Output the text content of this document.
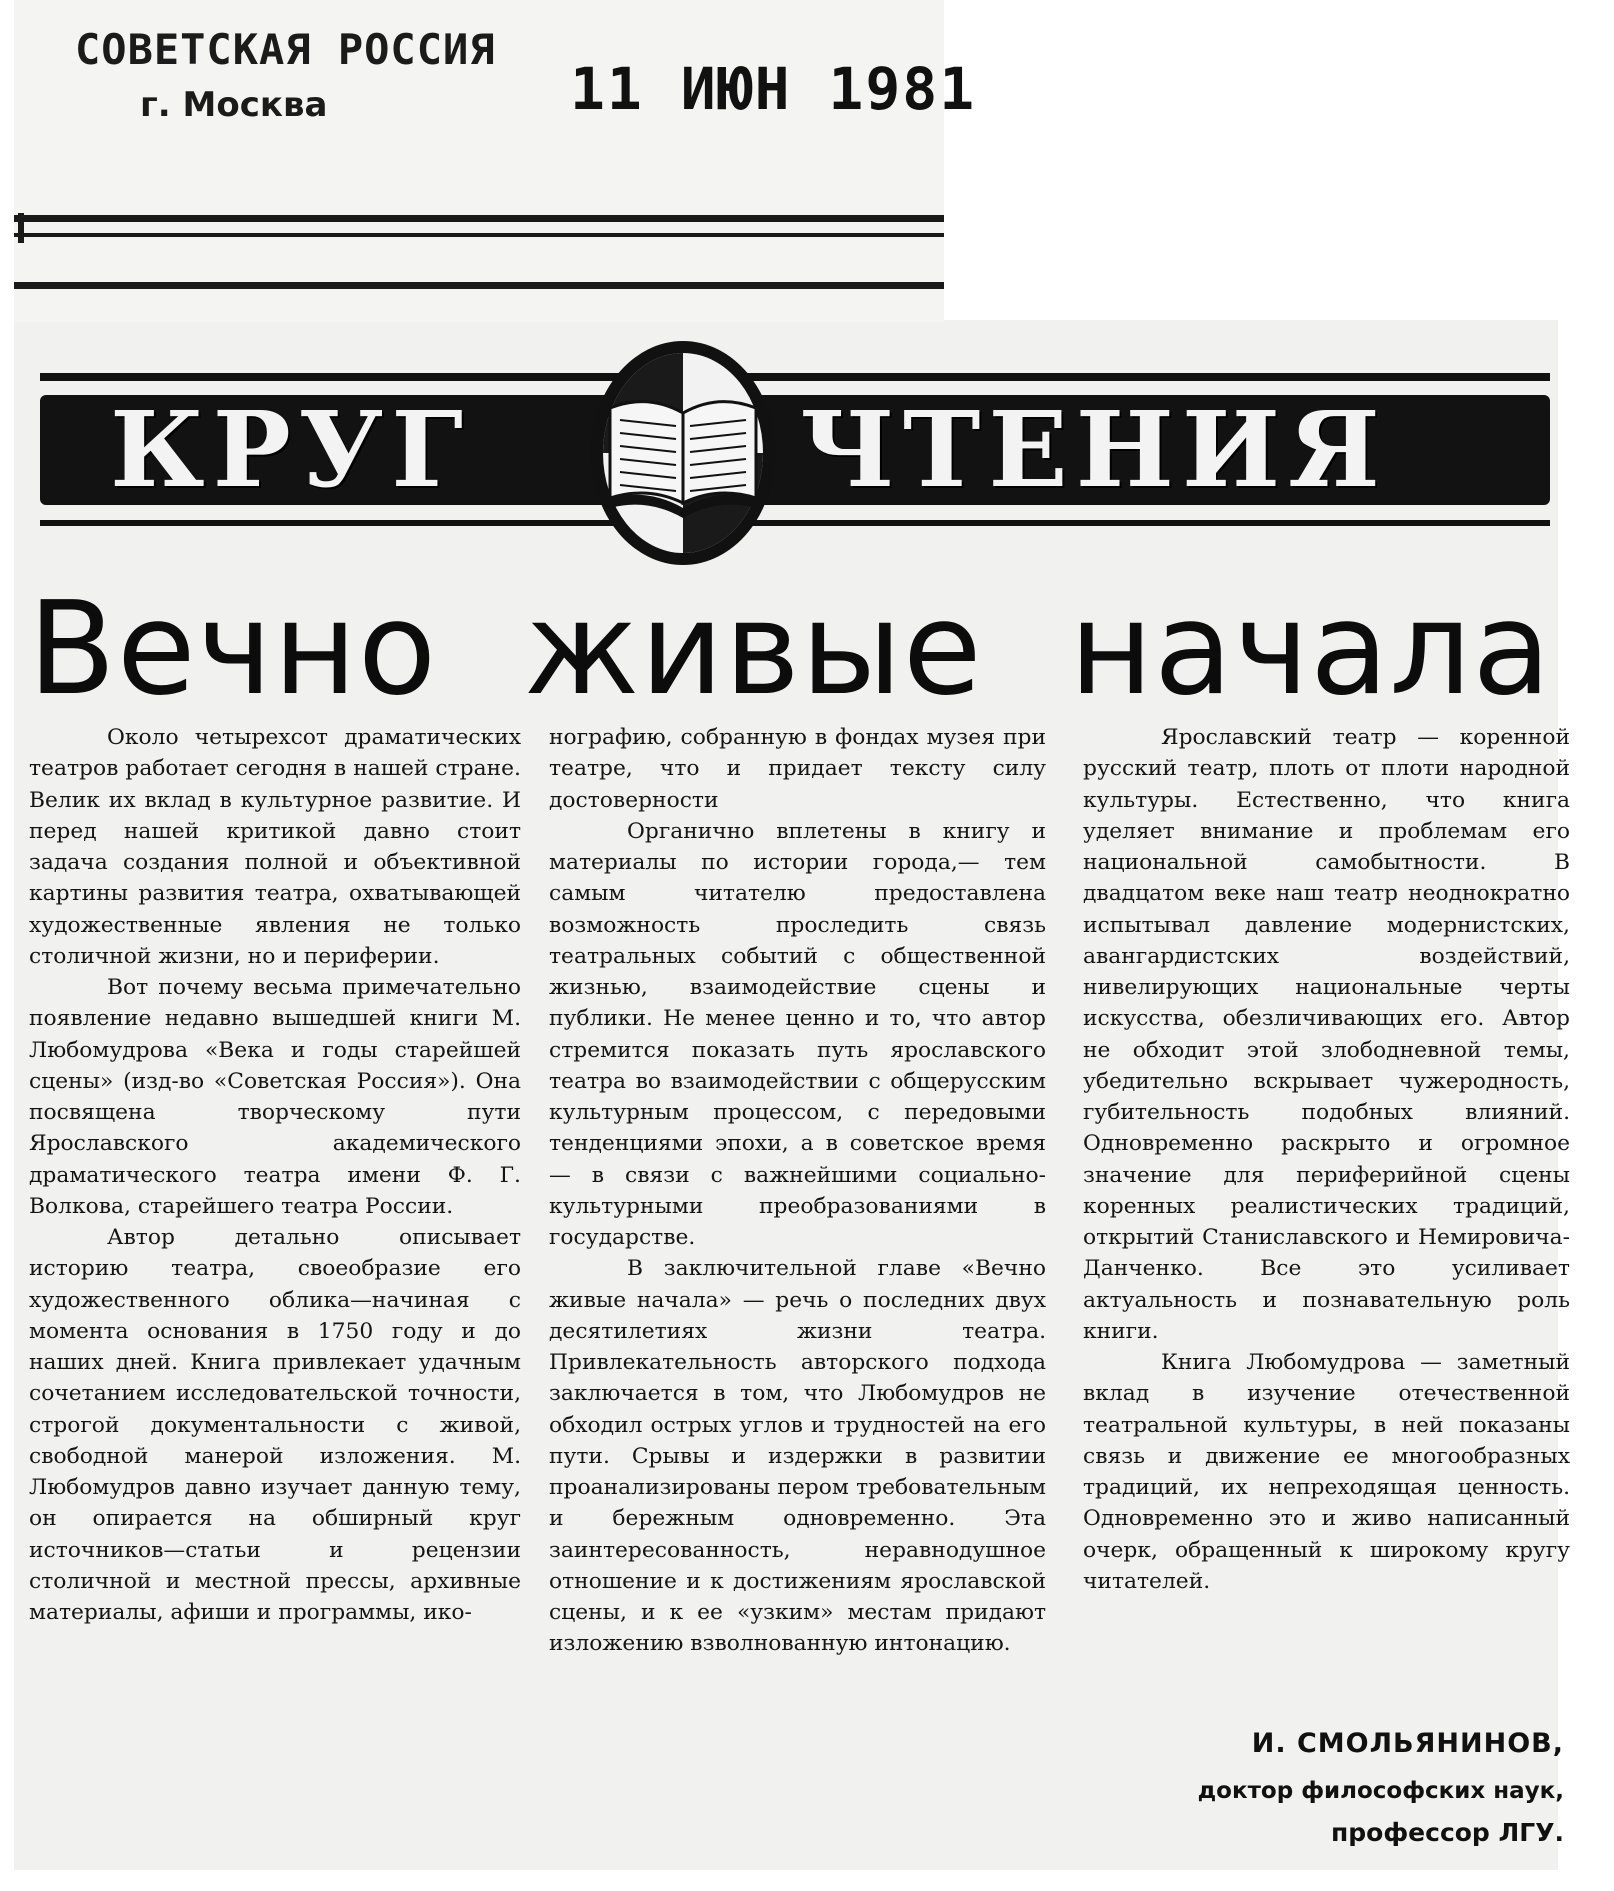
СОВЕТСКАЯ РОССИЯ
г. Москва	11 ИЮН 1981
КРУГ	ЧТЕНИЯ
Вечно живые начала

Около четырехсот драматических театров работает сегодня в нашей стране. Велик их вклад в культурное развитие. И перед нашей критикой давно стоит задача создания полной и объективной картины развития театра, охватывающей художественные явления не только столичной жизни, но и периферии.

Вот почему весьма примечательно появление недавно вышедшей книги М. Любомудрова «Века и годы старейшей сцены» (изд-во «Советская Россия»). Она посвящена творческому пути Ярославского академического драматического театра имени Ф. Г. Волкова, старейшего театра России.

Автор детально описывает историю театра, своеобразие его художественного облика—начиная с момента основания в 1750 году и до наших дней. Книга привлекает удачным сочетанием исследовательской точности, строгой документальности с живой, свободной манерой изложения. М. Любомудров давно изучает данную тему, он опирается на обширный круг источников—статьи и рецензии столичной и местной прессы, архивные материалы, афиши и программы, ико-

нографию, собранную в фондах музея при театре, что и придает тексту силу достоверности

Органично вплетены в книгу и материалы по истории города,— тем самым читателю предоставлена возможность проследить связь театральных событий с общественной жизнью, взаимодействие сцены и публики. Не менее ценно и то, что автор стремится показать путь ярославского театра во взаимодействии с общерусским культурным процессом, с передовыми тенденциями эпохи, а в советское время — в связи с важнейшими социально-культурными преобразованиями в государстве.

В заключительной главе «Вечно живые начала» — речь о последних двух десятилетиях жизни театра. Привлекательность авторского подхода заключается в том, что Любомудров не обходил острых углов и трудностей на его пути. Срывы и издержки в развитии проанализированы пером требовательным и бережным одновременно. Эта заинтересованность, неравнодушное отношение и к достижениям ярославской сцены, и к ее «узким» местам придают изложению взволнованную интонацию.

Ярославский театр — коренной русский театр, плоть от плоти народной культуры. Естественно, что книга уделяет внимание и проблемам его национальной самобытности. В двадцатом веке наш театр неоднократно испытывал давление модернистских, авангардистских воздействий, нивелирующих национальные черты искусства, обезличивающих его. Автор не обходит этой злободневной темы, убедительно вскрывает чужеродность, губительность подобных влияний. Одновременно раскрыто и огромное значение для периферийной сцены коренных реалистических традиций, открытий Станиславского и Немировича-Данченко. Все это усиливает актуальность и познавательную роль книги.

Книга Любомудрова — заметный вклад в изучение отечественной театральной культуры, в ней показаны связь и движение ее многообразных традиций, их непреходящая ценность. Одновременно это и живо написанный очерк, обращенный к широкому кругу читателей.

И. СМОЛЬЯНИНОВ,
доктор философских наук,
профессор ЛГУ.
